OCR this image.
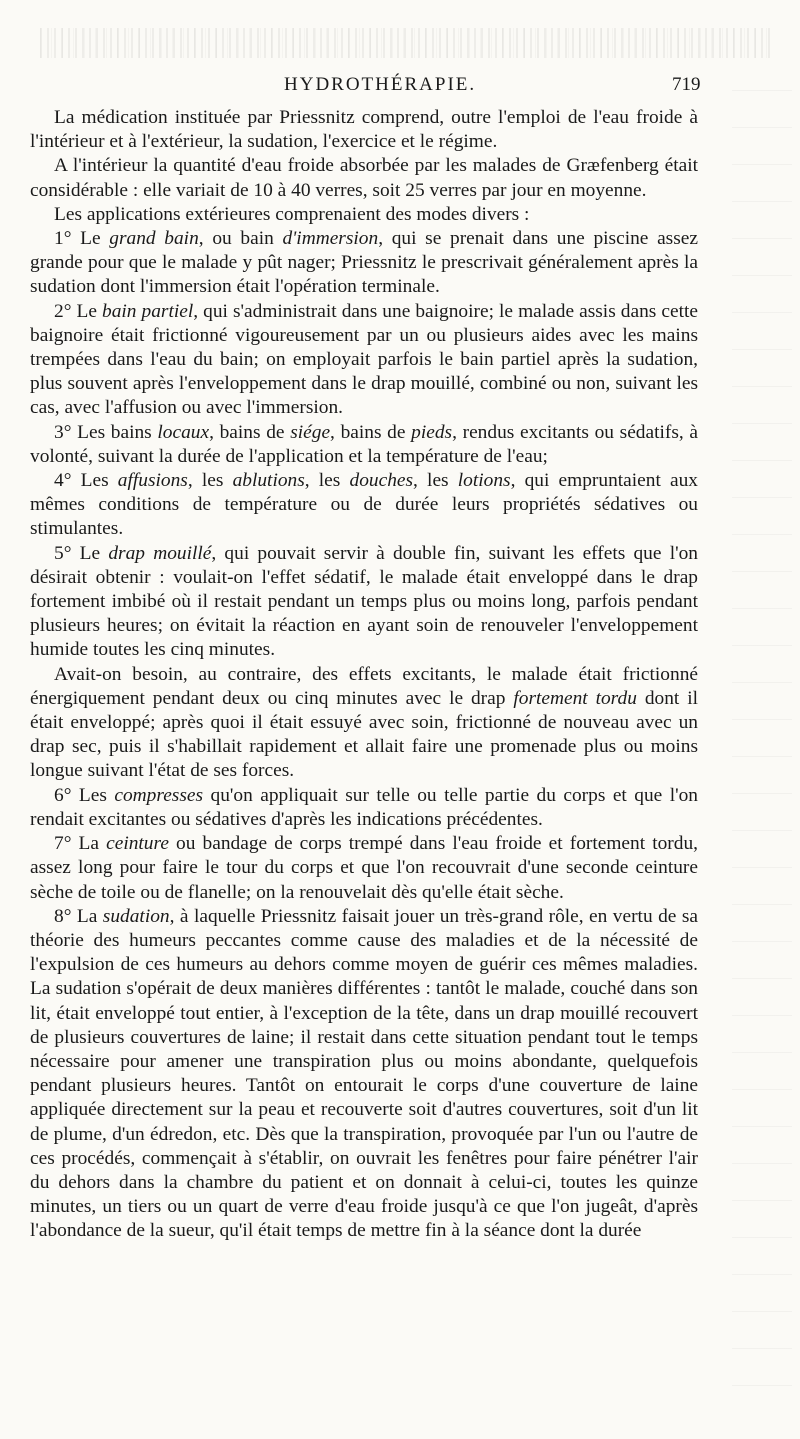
HYDROTHÉRAPIE.	719

La médication instituée par Priessnitz comprend, outre l'emploi de l'eau froide à l'intérieur et à l'extérieur, la sudation, l'exercice et le régime.

A l'intérieur la quantité d'eau froide absorbée par les malades de Græfenberg était considérable : elle variait de 10 à 40 verres, soit 25 verres par jour en moyenne.

Les applications extérieures comprenaient des modes divers :

1° Le grand bain, ou bain d'immersion, qui se prenait dans une piscine assez grande pour que le malade y pût nager; Priessnitz le prescrivait généralement après la sudation dont l'immersion était l'opération terminale.

2° Le bain partiel, qui s'administrait dans une baignoire; le malade assis dans cette baignoire était frictionné vigoureusement par un ou plusieurs aides avec les mains trempées dans l'eau du bain; on employait parfois le bain partiel après la sudation, plus souvent après l'enveloppement dans le drap mouillé, combiné ou non, suivant les cas, avec l'affusion ou avec l'immersion.

3° Les bains locaux, bains de siége, bains de pieds, rendus excitants ou sédatifs, à volonté, suivant la durée de l'application et la température de l'eau;

4° Les affusions, les ablutions, les douches, les lotions, qui empruntaient aux mêmes conditions de température ou de durée leurs propriétés sédatives ou stimulantes.

5° Le drap mouillé, qui pouvait servir à double fin, suivant les effets que l'on désirait obtenir : voulait-on l'effet sédatif, le malade était enveloppé dans le drap fortement imbibé où il restait pendant un temps plus ou moins long, parfois pendant plusieurs heures; on évitait la réaction en ayant soin de renouveler l'enveloppement humide toutes les cinq minutes.

Avait-on besoin, au contraire, des effets excitants, le malade était frictionné énergiquement pendant deux ou cinq minutes avec le drap fortement tordu dont il était enveloppé; après quoi il était essuyé avec soin, frictionné de nouveau avec un drap sec, puis il s'habillait rapidement et allait faire une promenade plus ou moins longue suivant l'état de ses forces.

6° Les compresses qu'on appliquait sur telle ou telle partie du corps et que l'on rendait excitantes ou sédatives d'après les indications précédentes.

7° La ceinture ou bandage de corps trempé dans l'eau froide et fortement tordu, assez long pour faire le tour du corps et que l'on recouvrait d'une seconde ceinture sèche de toile ou de flanelle; on la renouvelait dès qu'elle était sèche.

8° La sudation, à laquelle Priessnitz faisait jouer un très-grand rôle, en vertu de sa théorie des humeurs peccantes comme cause des maladies et de la nécessité de l'expulsion de ces humeurs au dehors comme moyen de guérir ces mêmes maladies. La sudation s'opérait de deux manières différentes : tantôt le malade, couché dans son lit, était enveloppé tout entier, à l'exception de la tête, dans un drap mouillé recouvert de plusieurs couvertures de laine; il restait dans cette situation pendant tout le temps nécessaire pour amener une transpiration plus ou moins abondante, quelquefois pendant plusieurs heures. Tantôt on entourait le corps d'une couverture de laine appliquée directement sur la peau et recouverte soit d'autres couvertures, soit d'un lit de plume, d'un édredon, etc. Dès que la transpiration, provoquée par l'un ou l'autre de ces procédés, commençait à s'établir, on ouvrait les fenêtres pour faire pénétrer l'air du dehors dans la chambre du patient et on donnait à celui-ci, toutes les quinze minutes, un tiers ou un quart de verre d'eau froide jusqu'à ce que l'on jugeât, d'après l'abondance de la sueur, qu'il était temps de mettre fin à la séance dont la durée
